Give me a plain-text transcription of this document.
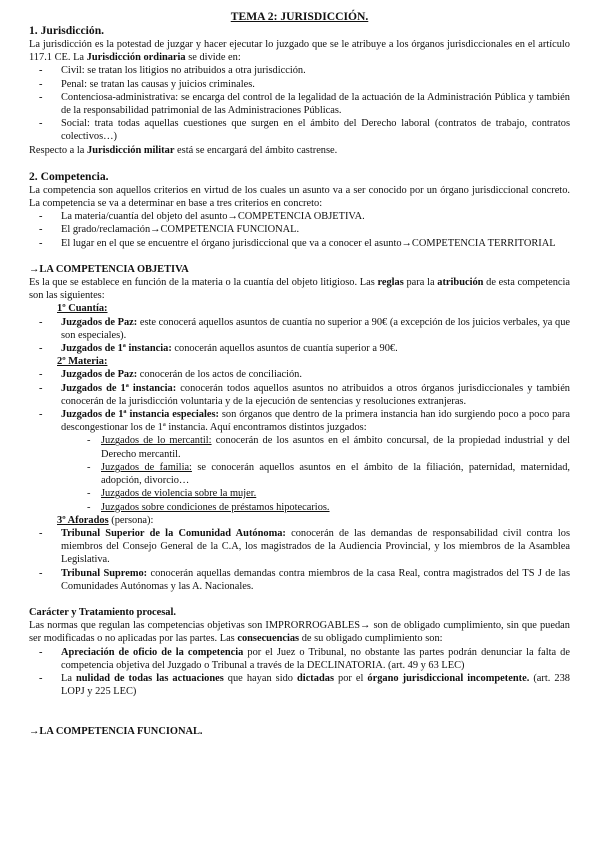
TEMA 2: JURISDICCIÓN.

1. Jurisdicción.

La jurisdicción es la potestad de juzgar y hacer ejecutar lo juzgado que se le atribuye a los órganos jurisdiccionales en el artículo 117.1 CE. La Jurisdicción ordinaria se divide en:

- Civil: se tratan los litigios no atribuidos a otra jurisdicción.
- Penal: se tratan las causas y juicios criminales.
- Contenciosa-administrativa: se encarga del control de la legalidad de la actuación de la Administración Pública y también de la responsabilidad patrimonial de las Administraciones Públicas.
- Social: trata todas aquellas cuestiones que surgen en el ámbito del Derecho laboral (contratos de trabajo, contratos colectivos…)

Respecto a la Jurisdicción militar está se encargará del ámbito castrense.

2. Competencia.

La competencia son aquellos criterios en virtud de los cuales un asunto va a ser conocido por un órgano jurisdiccional concreto. La competencia se va a determinar en base a tres criterios en concreto:

- La materia/cuantía del objeto del asunto→COMPETENCIA OBJETIVA.
- El grado/reclamación→COMPETENCIA FUNCIONAL.
- El lugar en el que se encuentre el órgano jurisdiccional que va a conocer el asunto→COMPETENCIA TERRITORIAL

→LA COMPETENCIA OBJETIVA

Es la que se establece en función de la materia o la cuantía del objeto litigioso. Las reglas para la atribución de esta competencia son las siguientes:

1º Cuantía:

- Juzgados de Paz: este conocerá aquellos asuntos de cuantía no superior a 90€ (a excepción de los juicios verbales, ya que son especiales).
- Juzgados de 1ª instancia: conocerán aquellos asuntos de cuantía superior a 90€.

2º Materia:

- Juzgados de Paz: conocerán de los actos de conciliación.
- Juzgados de 1ª instancia: conocerán todos aquellos asuntos no atribuidos a otros órganos jurisdiccionales y también conocerán de la jurisdicción voluntaria y de la ejecución de sentencias y resoluciones extranjeras.
- Juzgados de 1ª instancia especiales: son órganos que dentro de la primera instancia han ido surgiendo poco a poco para descongestionar los de 1ª instancia. Aquí encontramos distintos juzgados:
- Juzgados de lo mercantil: conocerán de los asuntos en el ámbito concursal, de la propiedad industrial y del Derecho mercantil.
- Juzgados de familia: se conocerán aquellos asuntos en el ámbito de la filiación, paternidad, maternidad, adopción, divorcio…
- Juzgados de violencia sobre la mujer.
- Juzgados sobre condiciones de préstamos hipotecarios.

3º Aforados (persona):

- Tribunal Superior de la Comunidad Autónoma: conocerán de las demandas de responsabilidad civil contra los miembros del Consejo General de la C.A, los magistrados de la Audiencia Provincial, y los miembros de la Asamblea Legislativa.
- Tribunal Supremo: conocerán aquellas demandas contra miembros de la casa Real, contra magistrados del TS J de las Comunidades Autónomas y las A. Nacionales.

Carácter y Tratamiento procesal.

Las normas que regulan las competencias objetivas son IMPRORROGABLES→ son de obligado cumplimiento, sin que puedan ser modificadas o no aplicadas por las partes. Las consecuencias de su obligado cumplimiento son:

- Apreciación de oficio de la competencia por el Juez o Tribunal, no obstante las partes podrán denunciar la falta de competencia objetiva del Juzgado o Tribunal a través de la DECLINATORIA. (art. 49 y 63 LEC)
- La nulidad de todas las actuaciones que hayan sido dictadas por el órgano jurisdiccional incompetente. (art. 238 LOPJ y 225 LEC)

→LA COMPETENCIA FUNCIONAL.
